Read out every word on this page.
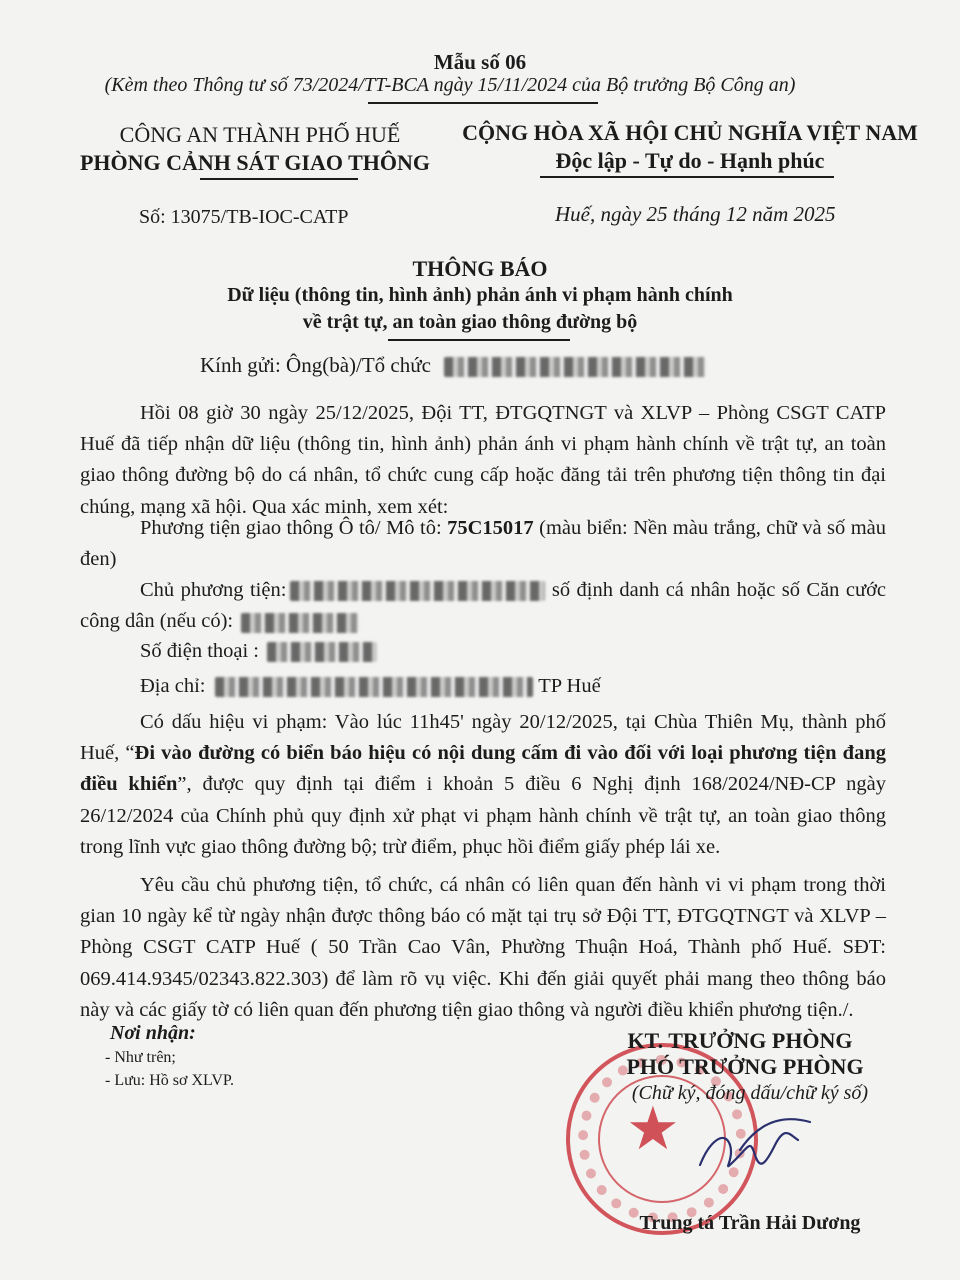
Mẫu số 06
(Kèm theo Thông tư số 73/2024/TT-BCA ngày 15/11/2024 của Bộ trưởng Bộ Công an)
CÔNG AN THÀNH PHỐ HUẾ
PHÒNG CẢNH SÁT GIAO THÔNG
CỘNG HÒA XÃ HỘI CHỦ NGHĨA VIỆT NAM
Độc lập - Tự do - Hạnh phúc
Số: 13075/TB-IOC-CATP	Huế, ngày 25 tháng 12 năm 2025
THÔNG BÁO
Dữ liệu (thông tin, hình ảnh) phản ánh vi phạm hành chính
về trật tự, an toàn giao thông đường bộ
Kính gửi: Ông(bà)/Tổ chức

Hồi 08 giờ 30 ngày 25/12/2025, Đội TT, ĐTGQTNGT và XLVP – Phòng CSGT CATP Huế đã tiếp nhận dữ liệu (thông tin, hình ảnh) phản ánh vi phạm hành chính về trật tự, an toàn giao thông đường bộ do cá nhân, tổ chức cung cấp hoặc đăng tải trên phương tiện thông tin đại chúng, mạng xã hội. Qua xác minh, xem xét:

Phương tiện giao thông Ô tô/ Mô tô: 75C15017 (màu biển: Nền màu trắng, chữ và số màu đen)

Chủ phương tiện:	số định danh cá nhân hoặc số Căn cước công dân (nếu có):

Số điện thoại :

Địa chỉ:	TP Huế

Có dấu hiệu vi phạm: Vào lúc 11h45' ngày 20/12/2025, tại Chùa Thiên Mụ, thành phố Huế, “Đi vào đường có biển báo hiệu có nội dung cấm đi vào đối với loại phương tiện đang điều khiển”, được quy định tại điểm i khoản 5 điều 6 Nghị định 168/2024/NĐ-CP ngày 26/12/2024 của Chính phủ quy định xử phạt vi phạm hành chính về trật tự, an toàn giao thông trong lĩnh vực giao thông đường bộ; trừ điểm, phục hồi điểm giấy phép lái xe.

Yêu cầu chủ phương tiện, tổ chức, cá nhân có liên quan đến hành vi vi phạm trong thời gian 10 ngày kể từ ngày nhận được thông báo có mặt tại trụ sở Đội TT, ĐTGQTNGT và XLVP – Phòng CSGT CATP Huế ( 50 Trần Cao Vân, Phường Thuận Hoá, Thành phố Huế. SĐT: 069.414.9345/02343.822.303) để làm rõ vụ việc. Khi đến giải quyết phải mang theo thông báo này và các giấy tờ có liên quan đến phương tiện giao thông và người điều khiển phương tiện./.

Nơi nhận:
- Như trên;
- Lưu: Hồ sơ XLVP.
★
KT. TRƯỞNG PHÒNG
PHÓ TRƯỞNG PHÒNG
(Chữ ký, đóng dấu/chữ ký số)
Trung tá Trần Hải Dương
